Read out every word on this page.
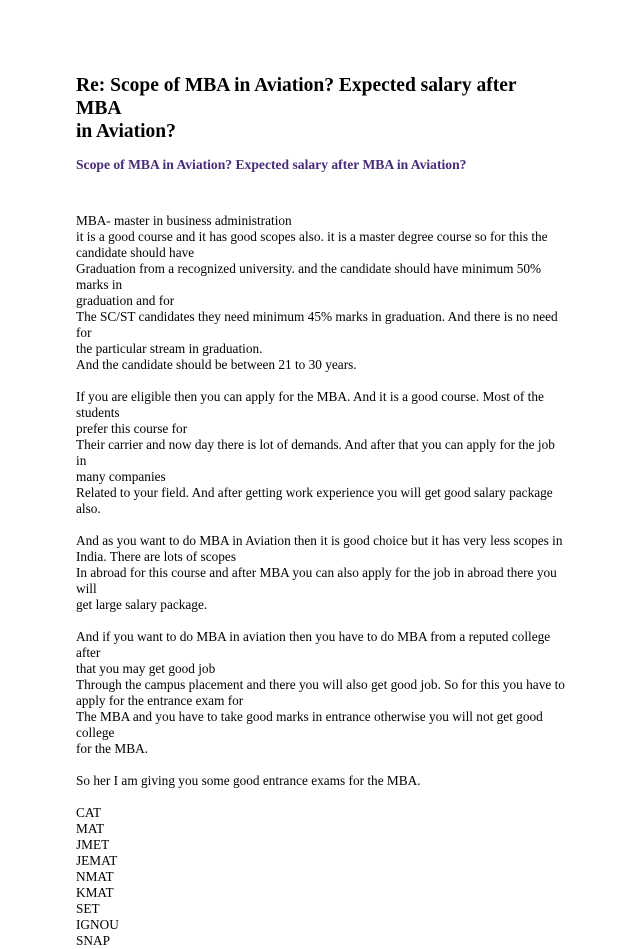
Re: Scope of MBA in Aviation? Expected salary after MBA
in Aviation?
Scope of MBA in Aviation? Expected salary after MBA in Aviation?

MBA- master in business administration
it is a good course and it has good scopes also. it is a master degree course so for this the
candidate should have
Graduation from a recognized university. and the candidate should have minimum 50% marks in
graduation and for
The SC/ST candidates they need minimum 45% marks in graduation. And there is no need for
the particular stream in graduation.
And the candidate should be between 21 to 30 years.

If you are eligible then you can apply for the MBA. And it is a good course. Most of the students
prefer this course for
Their carrier and now day there is lot of demands. And after that you can apply for the job in
many companies
Related to your field. And after getting work experience you will get good salary package also.

And as you want to do MBA in Aviation then it is good choice but it has very less scopes in
India. There are lots of scopes
In abroad for this course and after MBA you can also apply for the job in abroad there you will
get large salary package.

And if you want to do MBA in aviation then you have to do MBA from a reputed college after
that you may get good job
Through the campus placement and there you will also get good job. So for this you have to
apply for the entrance exam for
The MBA and you have to take good marks in entrance otherwise you will not get good college
for the MBA.

So her I am giving you some good entrance exams for the MBA.

CAT
MAT
JMET
JEMAT
NMAT
KMAT
SET
IGNOU
SNAP
